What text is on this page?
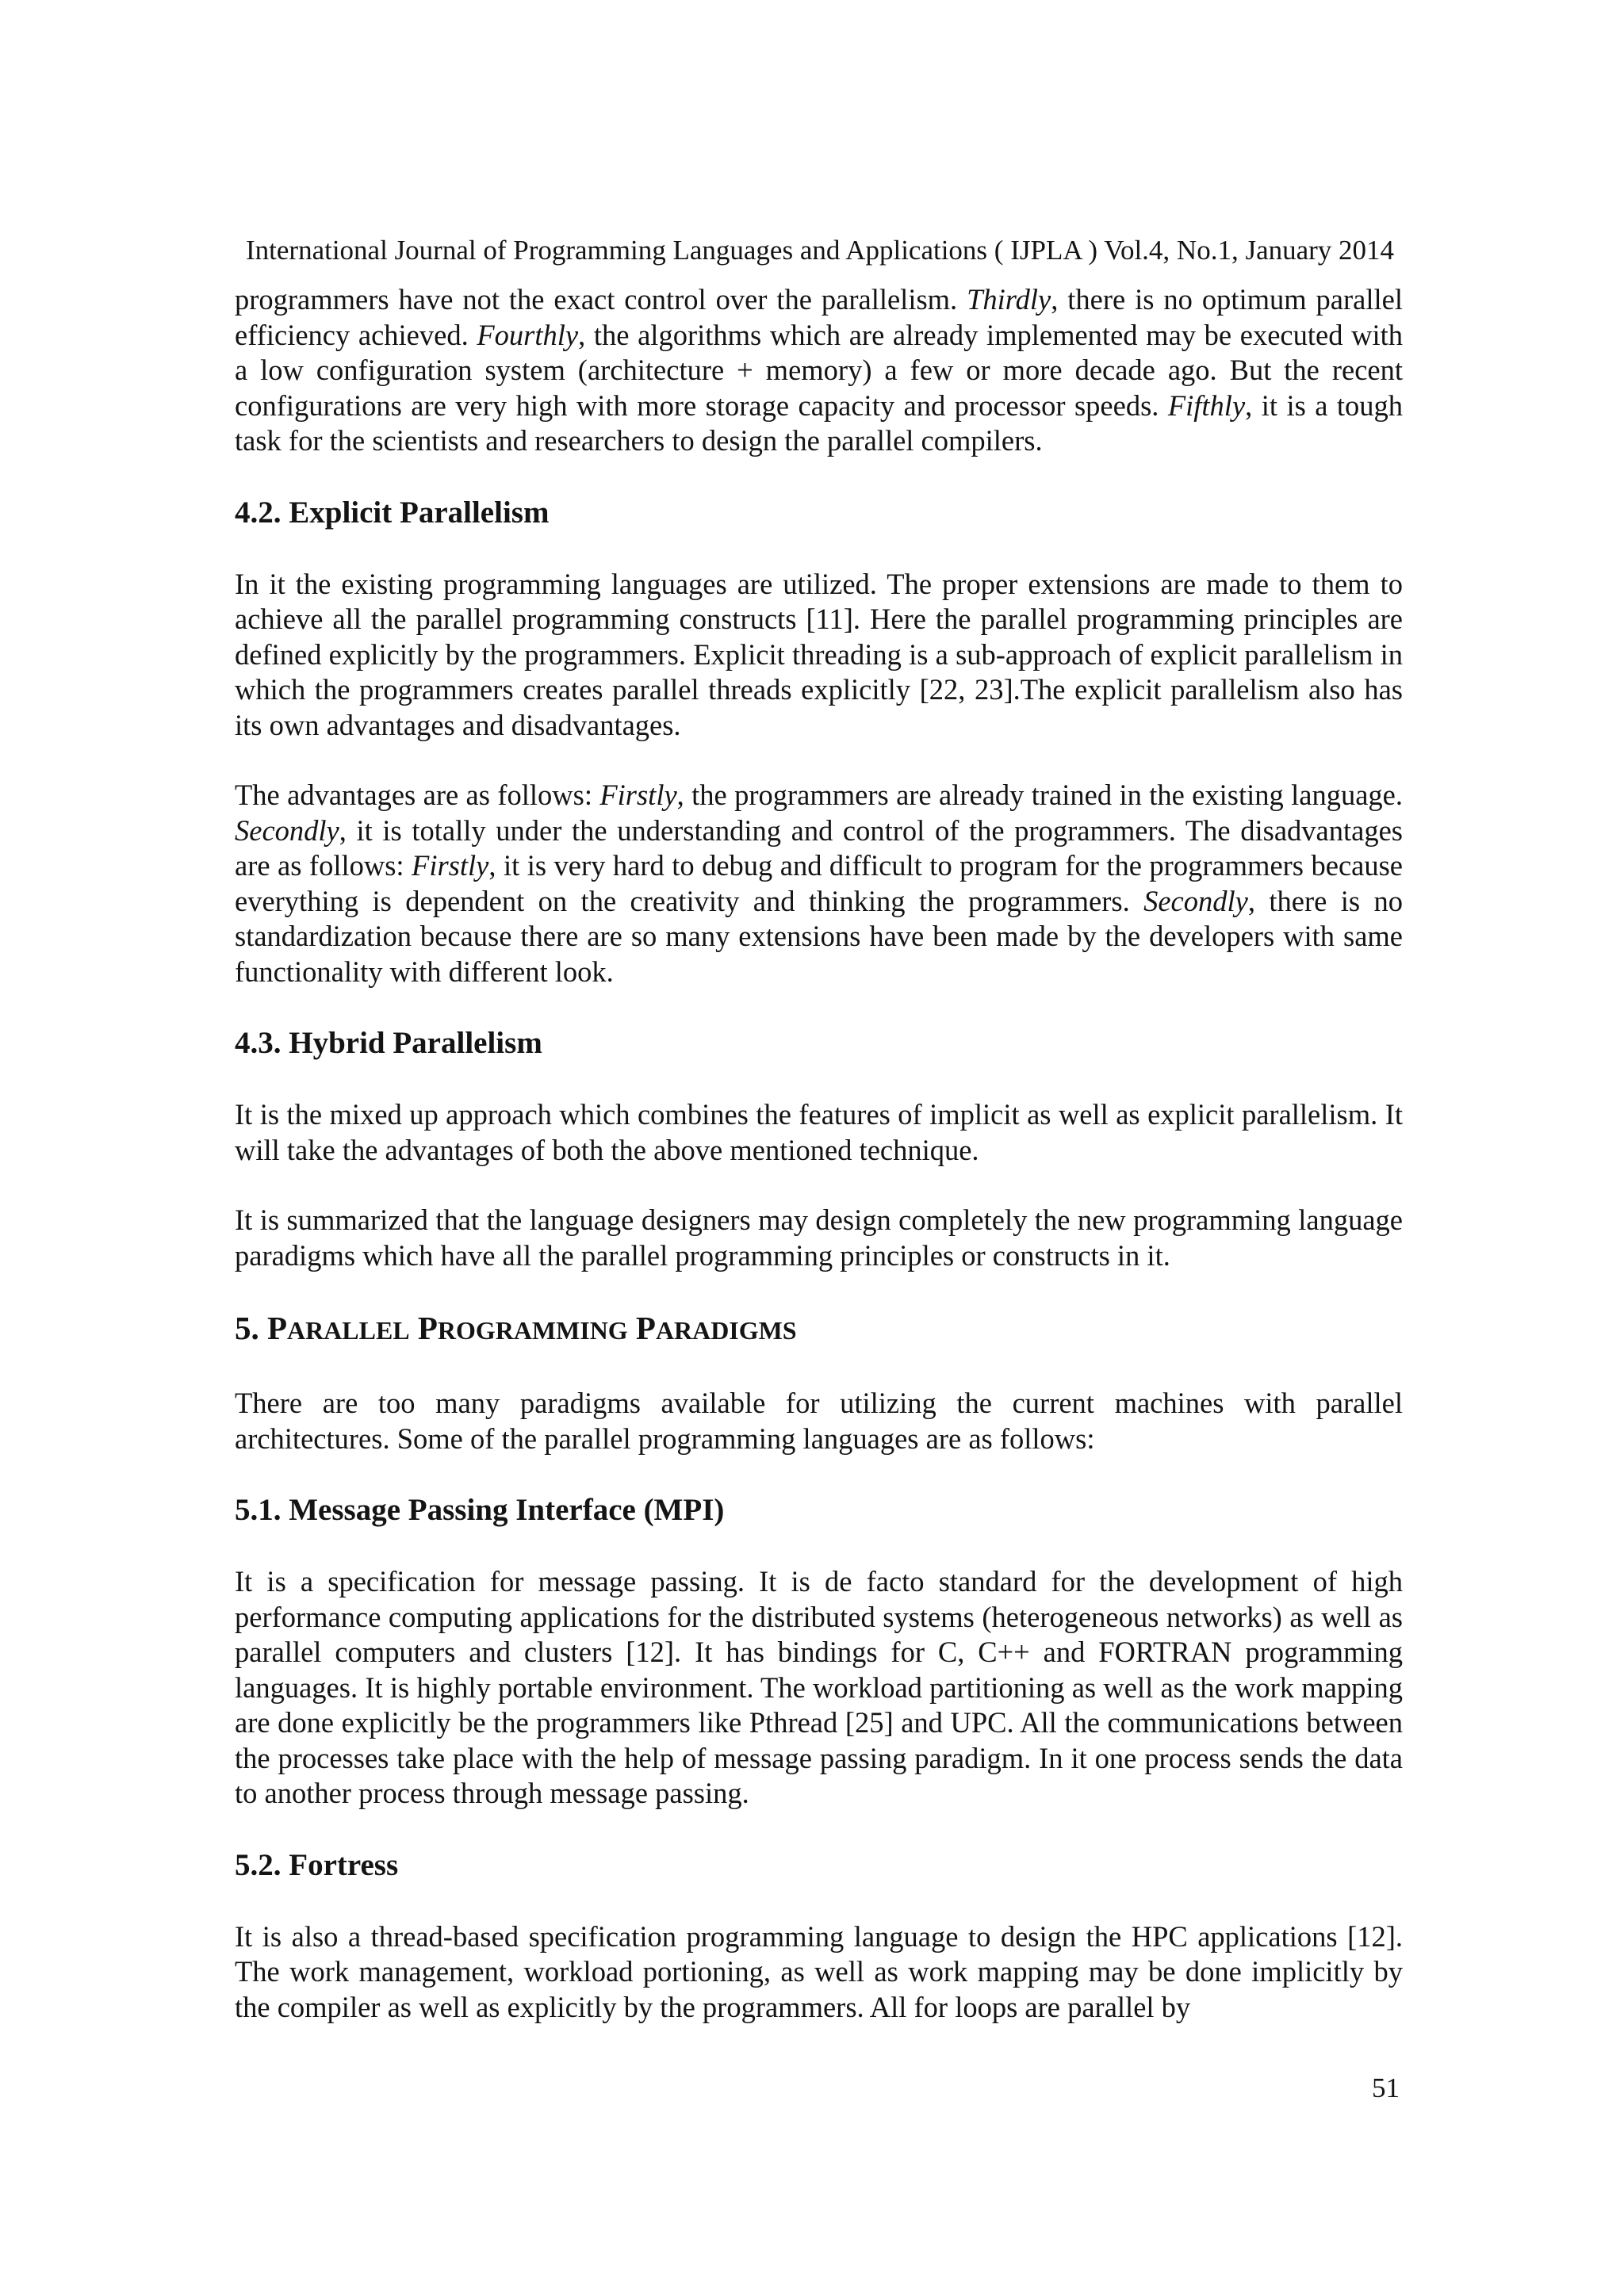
International Journal of Programming Languages and Applications ( IJPLA ) Vol.4, No.1, January 2014

programmers have not the exact control over the parallelism. Thirdly, there is no optimum parallel efficiency achieved. Fourthly, the algorithms which are already implemented may be executed with a low configuration system (architecture + memory) a few or more decade ago. But the recent configurations are very high with more storage capacity and processor speeds. Fifthly, it is a tough task for the scientists and researchers to design the parallel compilers.

4.2. Explicit Parallelism

In it the existing programming languages are utilized. The proper extensions are made to them to achieve all the parallel programming constructs [11]. Here the parallel programming principles are defined explicitly by the programmers. Explicit threading is a sub-approach of explicit parallelism in which the programmers creates parallel threads explicitly [22, 23].The explicit parallelism also has its own advantages and disadvantages.

The advantages are as follows: Firstly, the programmers are already trained in the existing language. Secondly, it is totally under the understanding and control of the programmers. The disadvantages are as follows: Firstly, it is very hard to debug and difficult to program for the programmers because everything is dependent on the creativity and thinking the programmers. Secondly, there is no standardization because there are so many extensions have been made by the developers with same functionality with different look.

4.3. Hybrid Parallelism

It is the mixed up approach which combines the features of implicit as well as explicit parallelism. It will take the advantages of both the above mentioned technique.

It is summarized that the language designers may design completely the new programming language paradigms which have all the parallel programming principles or constructs in it.

5. PARALLEL PROGRAMMING PARADIGMS

There are too many paradigms available for utilizing the current machines with parallel architectures. Some of the parallel programming languages are as follows:

5.1. Message Passing Interface (MPI)

It is a specification for message passing. It is de facto standard for the development of high performance computing applications for the distributed systems (heterogeneous networks) as well as parallel computers and clusters [12]. It has bindings for C, C++ and FORTRAN programming languages. It is highly portable environment. The workload partitioning as well as the work mapping are done explicitly be the programmers like Pthread [25] and UPC. All the communications between the processes take place with the help of message passing paradigm. In it one process sends the data to another process through message passing.

5.2. Fortress

It is also a thread-based specification programming language to design the HPC applications [12]. The work management, workload portioning, as well as work mapping may be done implicitly by the compiler as well as explicitly by the programmers. All for loops are parallel by

51
